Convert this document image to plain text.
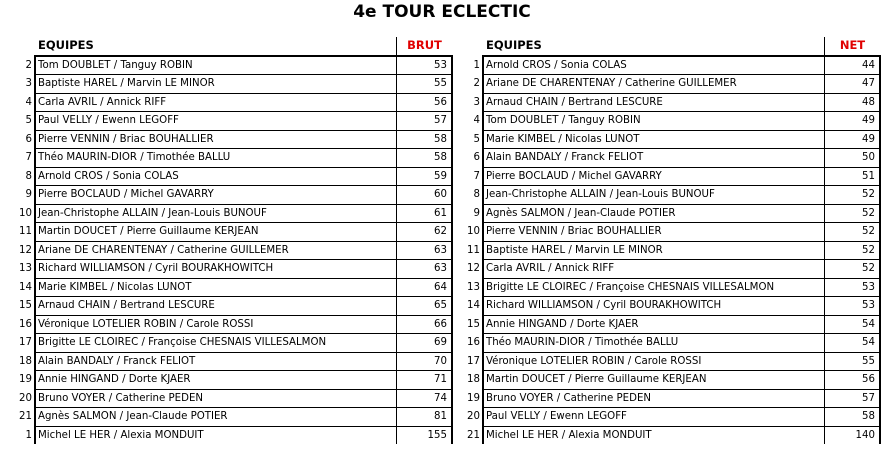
4e TOUR ECLECTIC
	EQUIPES	BRUT
2	Tom DOUBLET / Tanguy ROBIN	53
3	Baptiste HAREL / Marvin LE MINOR	55
4	Carla AVRIL / Annick RIFF	56
5	Paul VELLY / Ewenn LEGOFF	57
6	Pierre VENNIN / Briac BOUHALLIER	58
7	Théo MAURIN-DIOR / Timothée BALLU	58
8	Arnold CROS / Sonia COLAS	59
9	Pierre BOCLAUD / Michel GAVARRY	60
10	Jean-Christophe ALLAIN / Jean-Louis BUNOUF	61
11	Martin DOUCET / Pierre Guillaume KERJEAN	62
12	Ariane DE CHARENTENAY / Catherine GUILLEMER	63
13	Richard WILLIAMSON / Cyril BOURAKHOWITCH	63
14	Marie KIMBEL / Nicolas LUNOT	64
15	Arnaud CHAIN / Bertrand LESCURE	65
16	Véronique LOTELIER ROBIN / Carole ROSSI	66
17	Brigitte LE CLOIREC / Françoise CHESNAIS VILLESALMON	69
18	Alain BANDALY / Franck FELIOT	70
19	Annie HINGAND / Dorte KJAER	71
20	Bruno VOYER / Catherine PEDEN	74
21	Agnès SALMON / Jean-Claude POTIER	81
1	Michel LE HER / Alexia MONDUIT	155
	EQUIPES	NET
1	Arnold CROS / Sonia COLAS	44
2	Ariane DE CHARENTENAY / Catherine GUILLEMER	47
3	Arnaud CHAIN / Bertrand LESCURE	48
4	Tom DOUBLET / Tanguy ROBIN	49
5	Marie KIMBEL / Nicolas LUNOT	49
6	Alain BANDALY / Franck FELIOT	50
7	Pierre BOCLAUD / Michel GAVARRY	51
8	Jean-Christophe ALLAIN / Jean-Louis BUNOUF	52
9	Agnès SALMON / Jean-Claude POTIER	52
10	Pierre VENNIN / Briac BOUHALLIER	52
11	Baptiste HAREL / Marvin LE MINOR	52
12	Carla AVRIL / Annick RIFF	52
13	Brigitte LE CLOIREC / Françoise CHESNAIS VILLESALMON	53
14	Richard WILLIAMSON / Cyril BOURAKHOWITCH	53
15	Annie HINGAND / Dorte KJAER	54
16	Théo MAURIN-DIOR / Timothée BALLU	54
17	Véronique LOTELIER ROBIN / Carole ROSSI	55
18	Martin DOUCET / Pierre Guillaume KERJEAN	56
19	Bruno VOYER / Catherine PEDEN	57
20	Paul VELLY / Ewenn LEGOFF	58
21	Michel LE HER / Alexia MONDUIT	140
